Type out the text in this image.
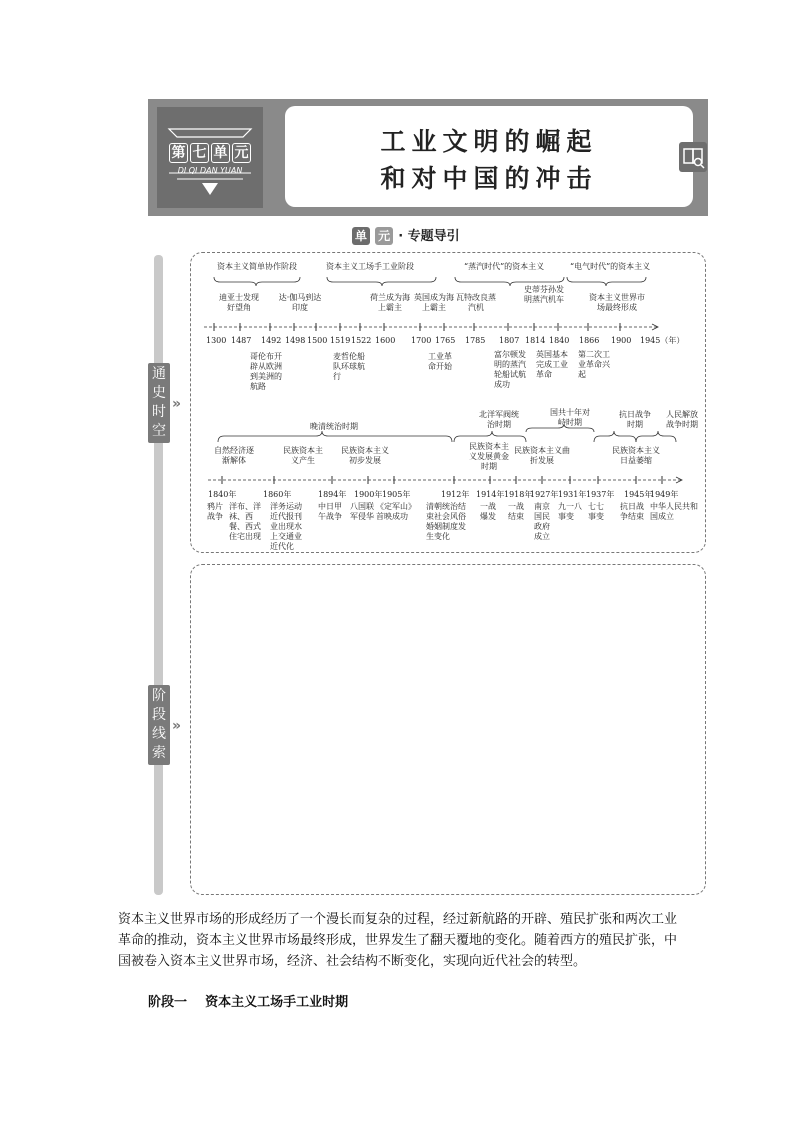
第 七 单 元
DI QI DAN YUAN
工业文明的崛起
和对中国的冲击
单 元 · 专题导引
通
史
时
空
»
阶
段
线
索
»
资本主义简单协作阶段	资本主义工场手工业阶段	“蒸汽时代”的资本主义	“电气时代”的资本主义
迪亚士发现好望角
达·伽马到达印度
荷兰成为海上霸主
英国成为海上霸主
瓦特改良蒸汽机
史蒂芬孙发明蒸汽机车	资本主义世界市场最终形成
1300 1487 1492 1498 1500 1519 1522 1600 1700 1765 1785 1807 1814 1840 1866 1900 1945（年）
哥伦布开辟从欧洲到美洲的航路
麦哲伦船队环球航行
工业革命开始
富尔顿发明的蒸汽轮船试航成功
英国基本完成工业革命
第二次工业革命兴起
晚清统治时期
北洋军阀统治时期
国共十年对峙时期
抗日战争时期
人民解放战争时期
自然经济逐渐解体
民族资本主义产生
民族资本主义初步发展
民族资本主义发展黄金时期
民族资本主义曲折发展
民族资本主义日益萎缩
1840年	1860年	1894年 1900年 1905年	1912年 1914年 1918年
1927年 1931年 1937年 1945年
1949年
鸦片战争
洋布、洋袜、西餐、西式住宅出现
洋务运动近代报刊业出现水上交通业近代化
中日甲午战争
八国联军侵华
《定军山》首映成功
清朝统治结束社会风俗婚姻制度发生变化
一战爆发
一战结束
南京国民政府成立
九一八事变
七七事变
抗日战争结束
中华人民共和国成立
资本主义世界市场的形成经历了一个漫长而复杂的过程，经过新航路的开辟、殖民扩张和两次工业革命的推动，资本主义世界市场最终形成，世界发生了翻天覆地的变化。随着西方的殖民扩张，中国被卷入资本主义世界市场，经济、社会结构不断变化，实现向近代社会的转型。
阶段一 资本主义工场手工业时期
